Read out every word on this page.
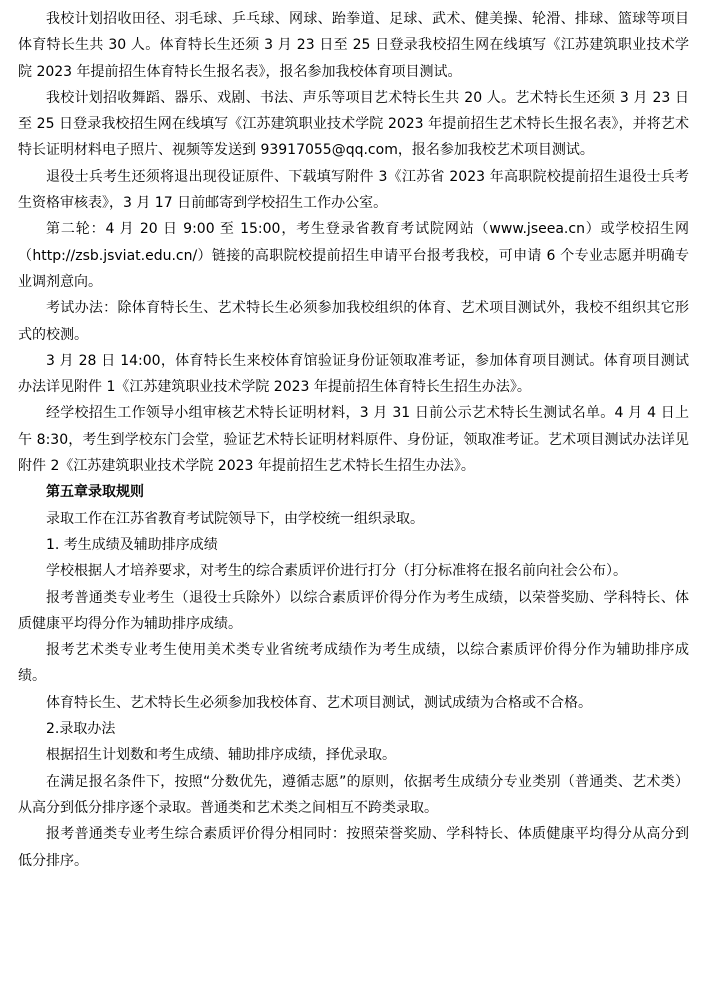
我校计划招收田径、羽毛球、乒乓球、网球、跆拳道、足球、武术、健美操、轮滑、排球、篮球等项目体育特长生共 30 人。体育特长生还须 3 月 23 日至 25 日登录我校招生网在线填写《江苏建筑职业技术学院 2023 年提前招生体育特长生报名表》，报名参加我校体育项目测试。

我校计划招收舞蹈、器乐、戏剧、书法、声乐等项目艺术特长生共 20 人。艺术特长生还须 3 月 23 日至 25 日登录我校招生网在线填写《江苏建筑职业技术学院 2023 年提前招生艺术特长生报名表》，并将艺术特长证明材料电子照片、视频等发送到 93917055@qq.com，报名参加我校艺术项目测试。

退役士兵考生还须将退出现役证原件、下载填写附件 3《江苏省 2023 年高职院校提前招生退役士兵考生资格审核表》，3 月 17 日前邮寄到学校招生工作办公室。

第二轮：4 月 20 日 9:00 至 15:00，考生登录省教育考试院网站（www.jseea.cn）或学校招生网（http://zsb.jsviat.edu.cn/）链接的高职院校提前招生申请平台报考我校，可申请 6 个专业志愿并明确专业调剂意向。

考试办法：除体育特长生、艺术特长生必须参加我校组织的体育、艺术项目测试外，我校不组织其它形式的校测。

3 月 28 日 14:00，体育特长生来校体育馆验证身份证领取准考证，参加体育项目测试。体育项目测试办法详见附件 1《江苏建筑职业技术学院 2023 年提前招生体育特长生招生办法》。

经学校招生工作领导小组审核艺术特长证明材料，3 月 31 日前公示艺术特长生测试名单。4 月 4 日上午 8:30，考生到学校东门会堂，验证艺术特长证明材料原件、身份证，领取准考证。艺术项目测试办法详见附件 2《江苏建筑职业技术学院 2023 年提前招生艺术特长生招生办法》。

第五章录取规则

录取工作在江苏省教育考试院领导下，由学校统一组织录取。

1. 考生成绩及辅助排序成绩

学校根据人才培养要求，对考生的综合素质评价进行打分（打分标准将在报名前向社会公布）。

报考普通类专业考生（退役士兵除外）以综合素质评价得分作为考生成绩，以荣誉奖励、学科特长、体质健康平均得分作为辅助排序成绩。

报考艺术类专业考生使用美术类专业省统考成绩作为考生成绩，以综合素质评价得分作为辅助排序成绩。

体育特长生、艺术特长生必须参加我校体育、艺术项目测试，测试成绩为合格或不合格。

2.录取办法

根据招生计划数和考生成绩、辅助排序成绩，择优录取。

在满足报名条件下，按照“分数优先，遵循志愿”的原则，依据考生成绩分专业类别（普通类、艺术类）从高分到低分排序逐个录取。普通类和艺术类之间相互不跨类录取。

报考普通类专业考生综合素质评价得分相同时：按照荣誉奖励、学科特长、体质健康平均得分从高分到低分排序。
